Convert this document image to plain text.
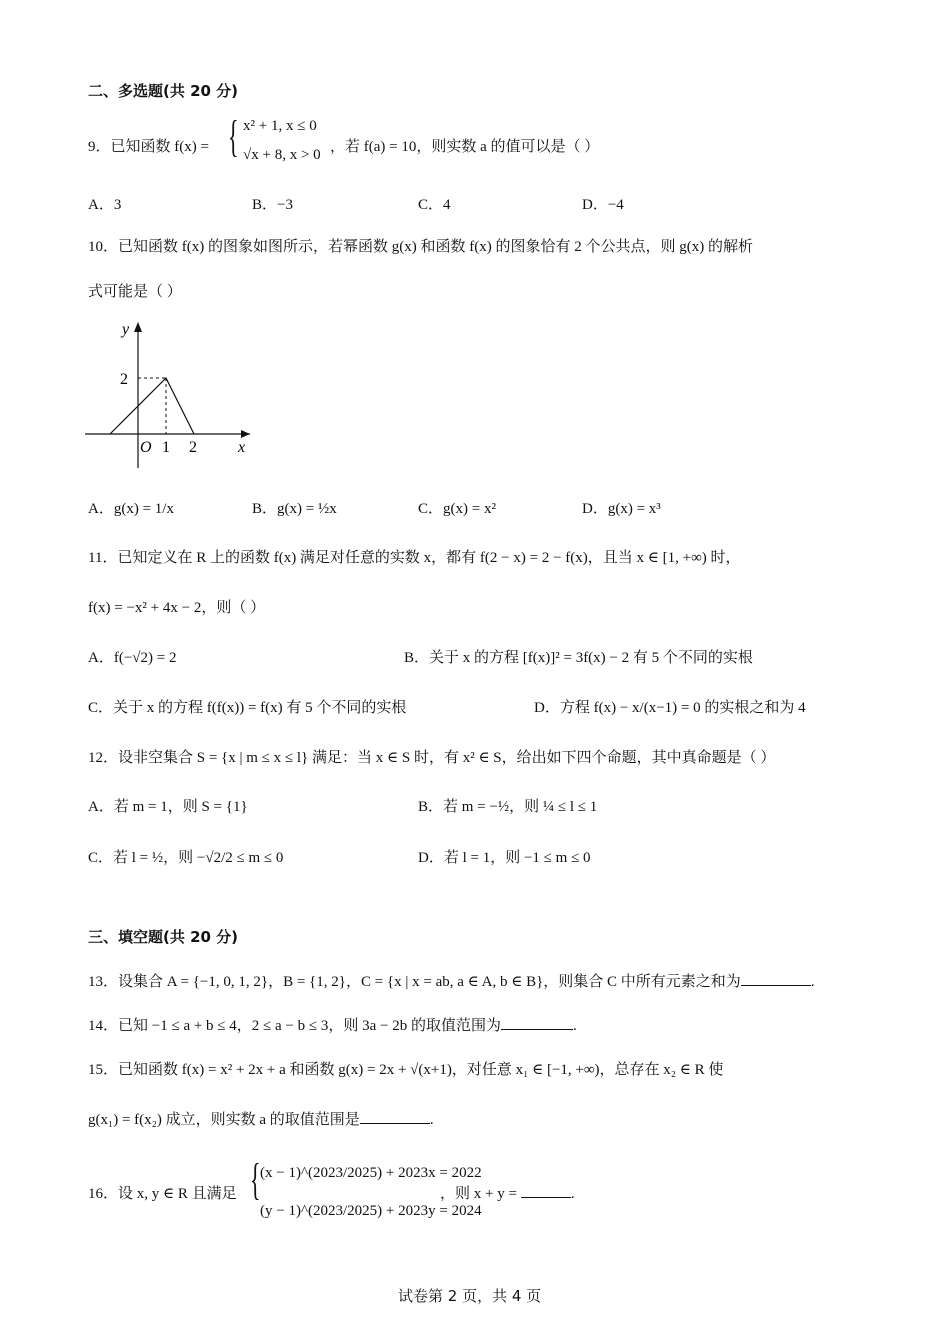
二、多选题(共 20 分)
9．已知函数 f(x) = { x² + 1, x ≤ 0
√x + 8, x > 0 ，若 f(a) = 10，则实数 a 的值可以是（ ）
A．3	B．−3	C．4	D．−4
10．已知函数 f(x) 的图象如图所示，若幂函数 g(x) 和函数 f(x) 的图象恰有 2 个公共点，则 g(x) 的解析
式可能是（ ）
y
2
O 1 2	x
A．g(x) = 1/x	B．g(x) = ½x	C．g(x) = x²	D．g(x) = x³
11．已知定义在 R 上的函数 f(x) 满足对任意的实数 x，都有 f(2 − x) = 2 − f(x)，且当 x ∈ [1, +∞) 时，
f(x) = −x² + 4x − 2，则（ ）
A．f(−√2) = 2	B．关于 x 的方程 [f(x)]² = 3f(x) − 2 有 5 个不同的实根
C．关于 x 的方程 f(f(x)) = f(x) 有 5 个不同的实根	D．方程 f(x) − x/(x−1) = 0 的实根之和为 4
12．设非空集合 S = {x | m ≤ x ≤ l} 满足：当 x ∈ S 时，有 x² ∈ S，给出如下四个命题，其中真命题是（ ）
A．若 m = 1，则 S = {1}	B．若 m = −½，则 ¼ ≤ l ≤ 1
C．若 l = ½，则 −√2/2 ≤ m ≤ 0	D．若 l = 1，则 −1 ≤ m ≤ 0
三、填空题(共 20 分)
13．设集合 A = {−1, 0, 1, 2}，B = {1, 2}，C = {x | x = ab, a ∈ A, b ∈ B}，则集合 C 中所有元素之和为	.
14．已知 −1 ≤ a + b ≤ 4，2 ≤ a − b ≤ 3，则 3a − 2b 的取值范围为	.
15．已知函数 f(x) = x² + 2x + a 和函数 g(x) = 2x + √(x+1)，对任意 x₁ ∈ [−1, +∞)，总存在 x₂ ∈ R 使
g(x₁) = f(x₂) 成立，则实数 a 的取值范围是	.
16．设 x, y ∈ R 且满足 { (x − 1)^(2023/2025) + 2023x = 2022
(y − 1)^(2023/2025) + 2023y = 2024
，则 x + y =	.
试卷第 2 页，共 4 页
